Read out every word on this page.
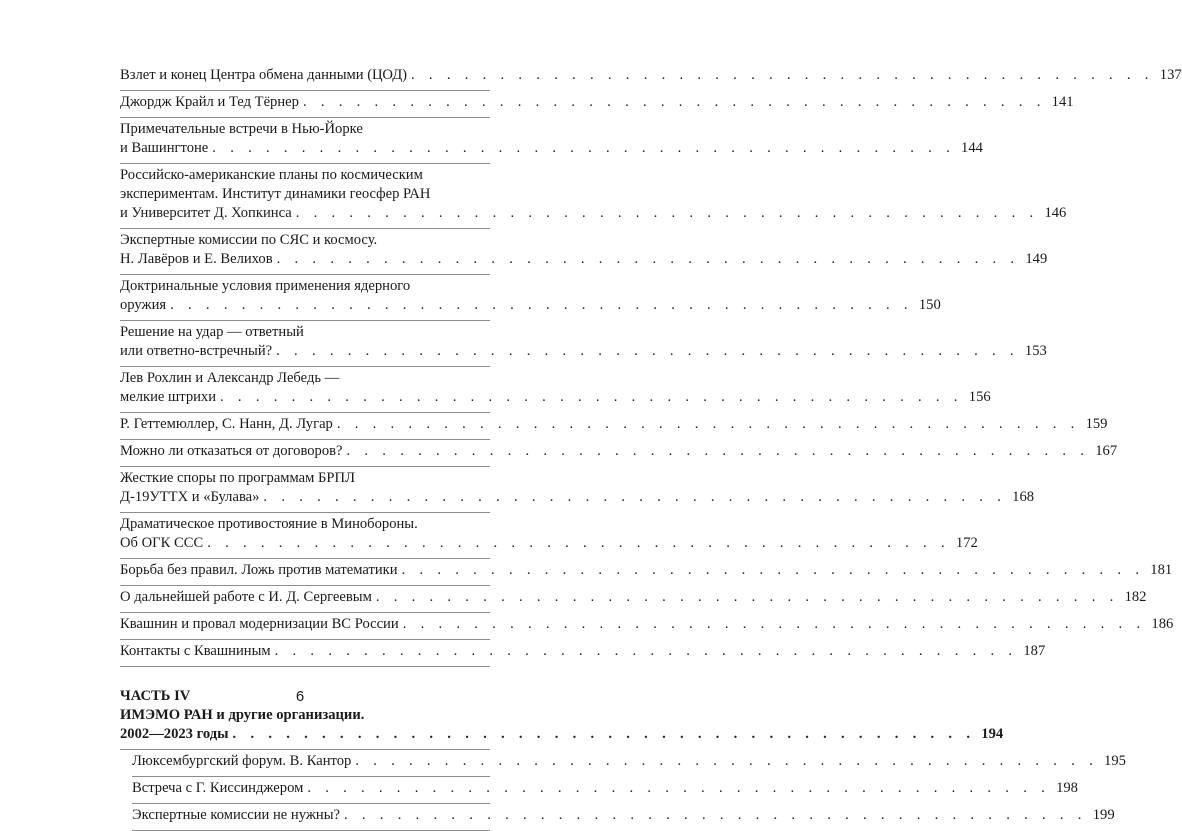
Взлет и конец Центра обмена данными (ЦОД) . . . . . . . . . . . . . . . . . . . . . . . . . . . . . . . . . . . . . . . . . . 137
Джордж Крайл и Тед Тёрнер . . . . . . . . . . . . . . . . . . . . . . . . . . . . . . . . . . . . . . . . . . 141
Примечательные встречи в Нью-Йорке
и Вашингтоне . . . . . . . . . . . . . . . . . . . . . . . . . . . . . . . . . . . . . . . . . . 144
Российско-американские планы по космическим
экспериментам. Институт динамики геосфер РАН
и Университет Д. Хопкинса . . . . . . . . . . . . . . . . . . . . . . . . . . . . . . . . . . . . . . . . . . 146
Экспертные комиссии по СЯС и космосу.
Н. Лавёров и Е. Велихов . . . . . . . . . . . . . . . . . . . . . . . . . . . . . . . . . . . . . . . . . . 149
Доктринальные условия применения ядерного
оружия . . . . . . . . . . . . . . . . . . . . . . . . . . . . . . . . . . . . . . . . . . 150
Решение на удар — ответный
или ответно-встречный? . . . . . . . . . . . . . . . . . . . . . . . . . . . . . . . . . . . . . . . . . . 153
Лев Рохлин и Александр Лебедь —
мелкие штрихи . . . . . . . . . . . . . . . . . . . . . . . . . . . . . . . . . . . . . . . . . . 156
Р. Геттемюллер, С. Нанн, Д. Лугар . . . . . . . . . . . . . . . . . . . . . . . . . . . . . . . . . . . . . . . . . . 159
Можно ли отказаться от договоров? . . . . . . . . . . . . . . . . . . . . . . . . . . . . . . . . . . . . . . . . . . 167
Жесткие споры по программам БРПЛ
Д-19УТТХ и «Булава» . . . . . . . . . . . . . . . . . . . . . . . . . . . . . . . . . . . . . . . . . . 168
Драматическое противостояние в Минобороны.
Об ОГК ССС . . . . . . . . . . . . . . . . . . . . . . . . . . . . . . . . . . . . . . . . . . 172
Борьба без правил. Ложь против математики . . . . . . . . . . . . . . . . . . . . . . . . . . . . . . . . . . . . . . . . . . 181
О дальнейшей работе с И. Д. Сергеевым . . . . . . . . . . . . . . . . . . . . . . . . . . . . . . . . . . . . . . . . . . 182
Квашнин и провал модернизации ВС России . . . . . . . . . . . . . . . . . . . . . . . . . . . . . . . . . . . . . . . . . . 186
Контакты с Квашниным . . . . . . . . . . . . . . . . . . . . . . . . . . . . . . . . . . . . . . . . . . 187
ЧАСТЬ IV
ИМЭМО РАН и другие организации.
2002—2023 годы . . . . . . . . . . . . . . . . . . . . . . . . . . . . . . . . . . . . . . . . . . 194
Люксембургский форум. В. Кантор . . . . . . . . . . . . . . . . . . . . . . . . . . . . . . . . . . . . . . . . . . 195
Встреча с Г. Киссинджером . . . . . . . . . . . . . . . . . . . . . . . . . . . . . . . . . . . . . . . . . . 198
Экспертные комиссии не нужны? . . . . . . . . . . . . . . . . . . . . . . . . . . . . . . . . . . . . . . . . . . 199
6
